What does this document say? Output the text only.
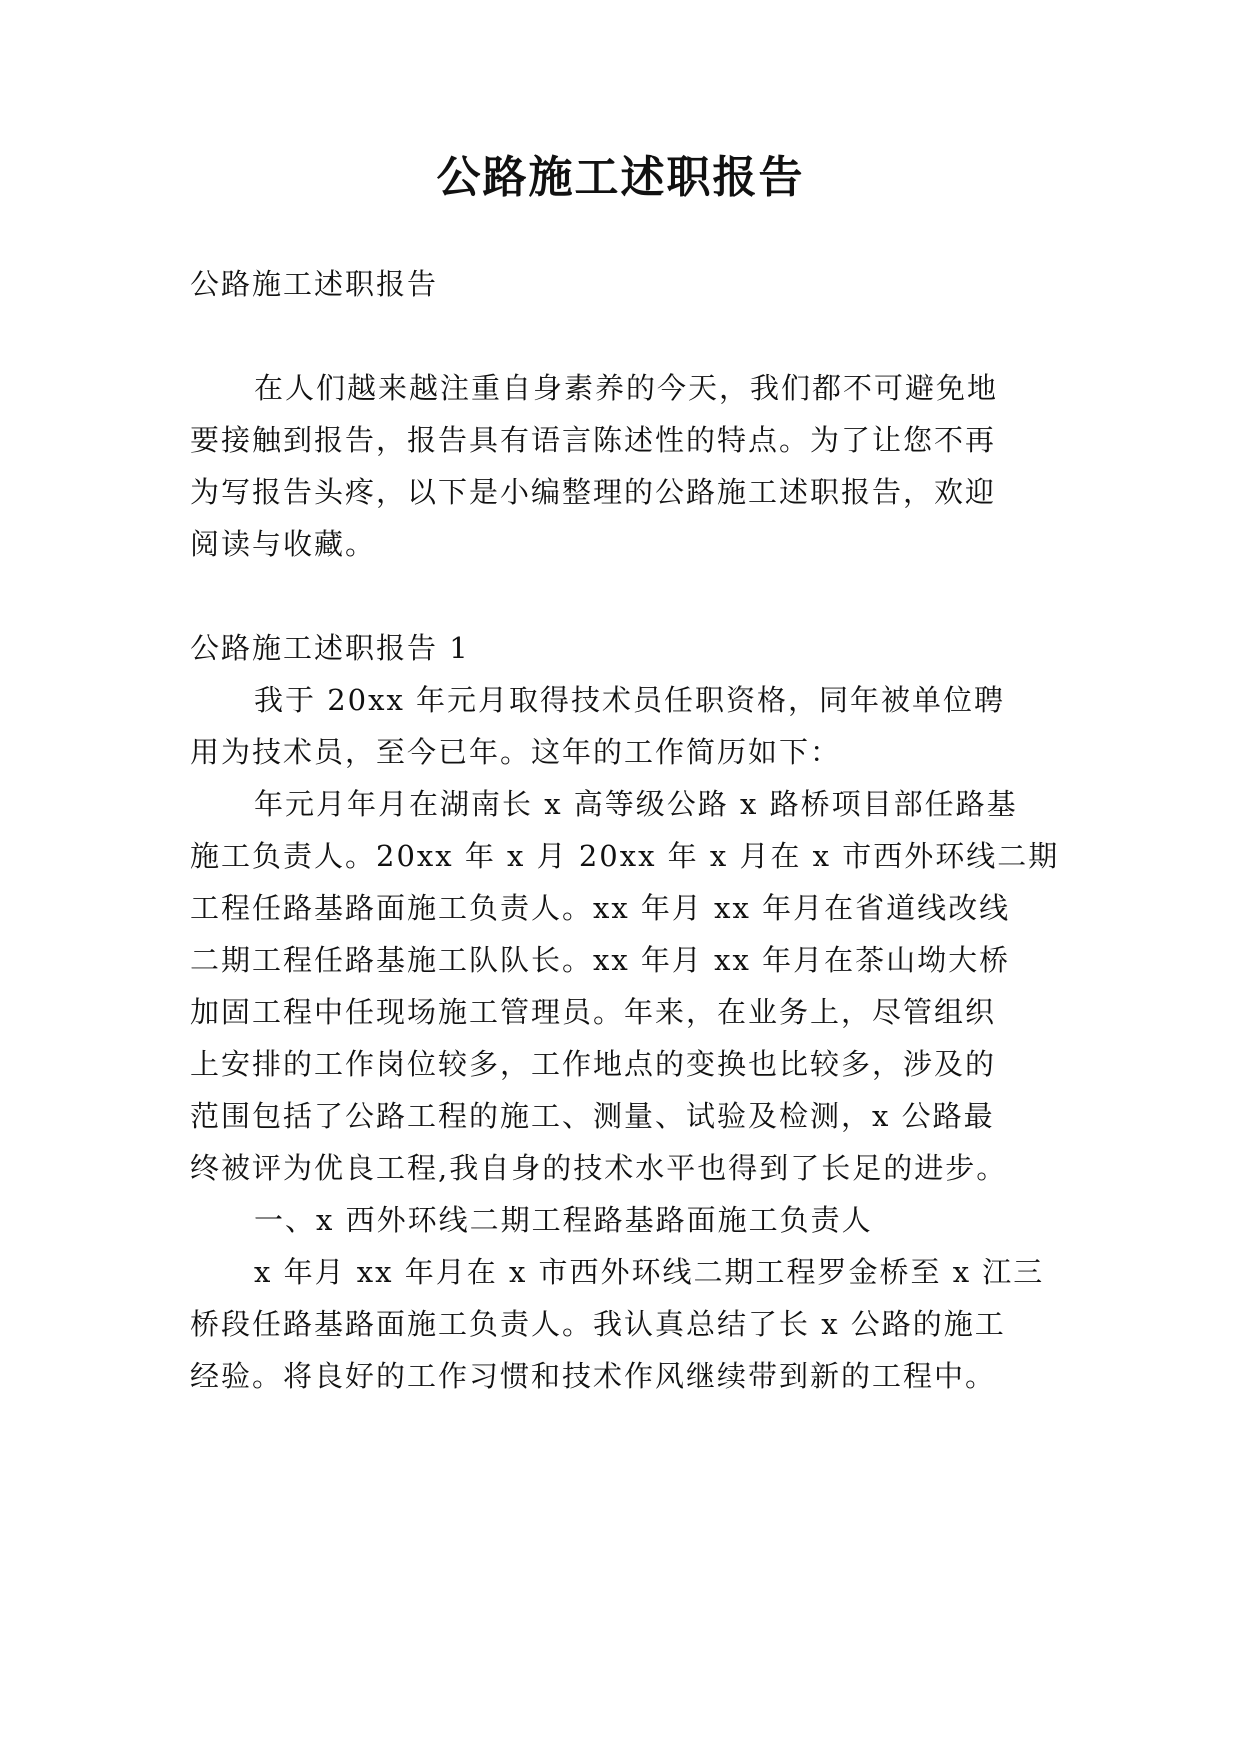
公路施工述职报告
公路施工述职报告
在人们越来越注重自身素养的今天，我们都不可避免地
要接触到报告，报告具有语言陈述性的特点。为了让您不再
为写报告头疼，以下是小编整理的公路施工述职报告，欢迎
阅读与收藏。
公路施工述职报告 1
我于 20xx 年元月取得技术员任职资格，同年被单位聘
用为技术员，至今已年。这年的工作简历如下：
年元月年月在湖南长 x 高等级公路 x 路桥项目部任路基
施工负责人。20xx 年 x 月 20xx 年 x 月在 x 市西外环线二期
工程任路基路面施工负责人。xx 年月 xx 年月在省道线改线
二期工程任路基施工队队长。xx 年月 xx 年月在茶山坳大桥
加固工程中任现场施工管理员。年来，在业务上，尽管组织
上安排的工作岗位较多，工作地点的变换也比较多，涉及的
范围包括了公路工程的施工、测量、试验及检测，x 公路最
终被评为优良工程,我自身的技术水平也得到了长足的进步。
一、x 西外环线二期工程路基路面施工负责人
x 年月 xx 年月在 x 市西外环线二期工程罗金桥至 x 江三
桥段任路基路面施工负责人。我认真总结了长 x 公路的施工
经验。将良好的工作习惯和技术作风继续带到新的工程中。
